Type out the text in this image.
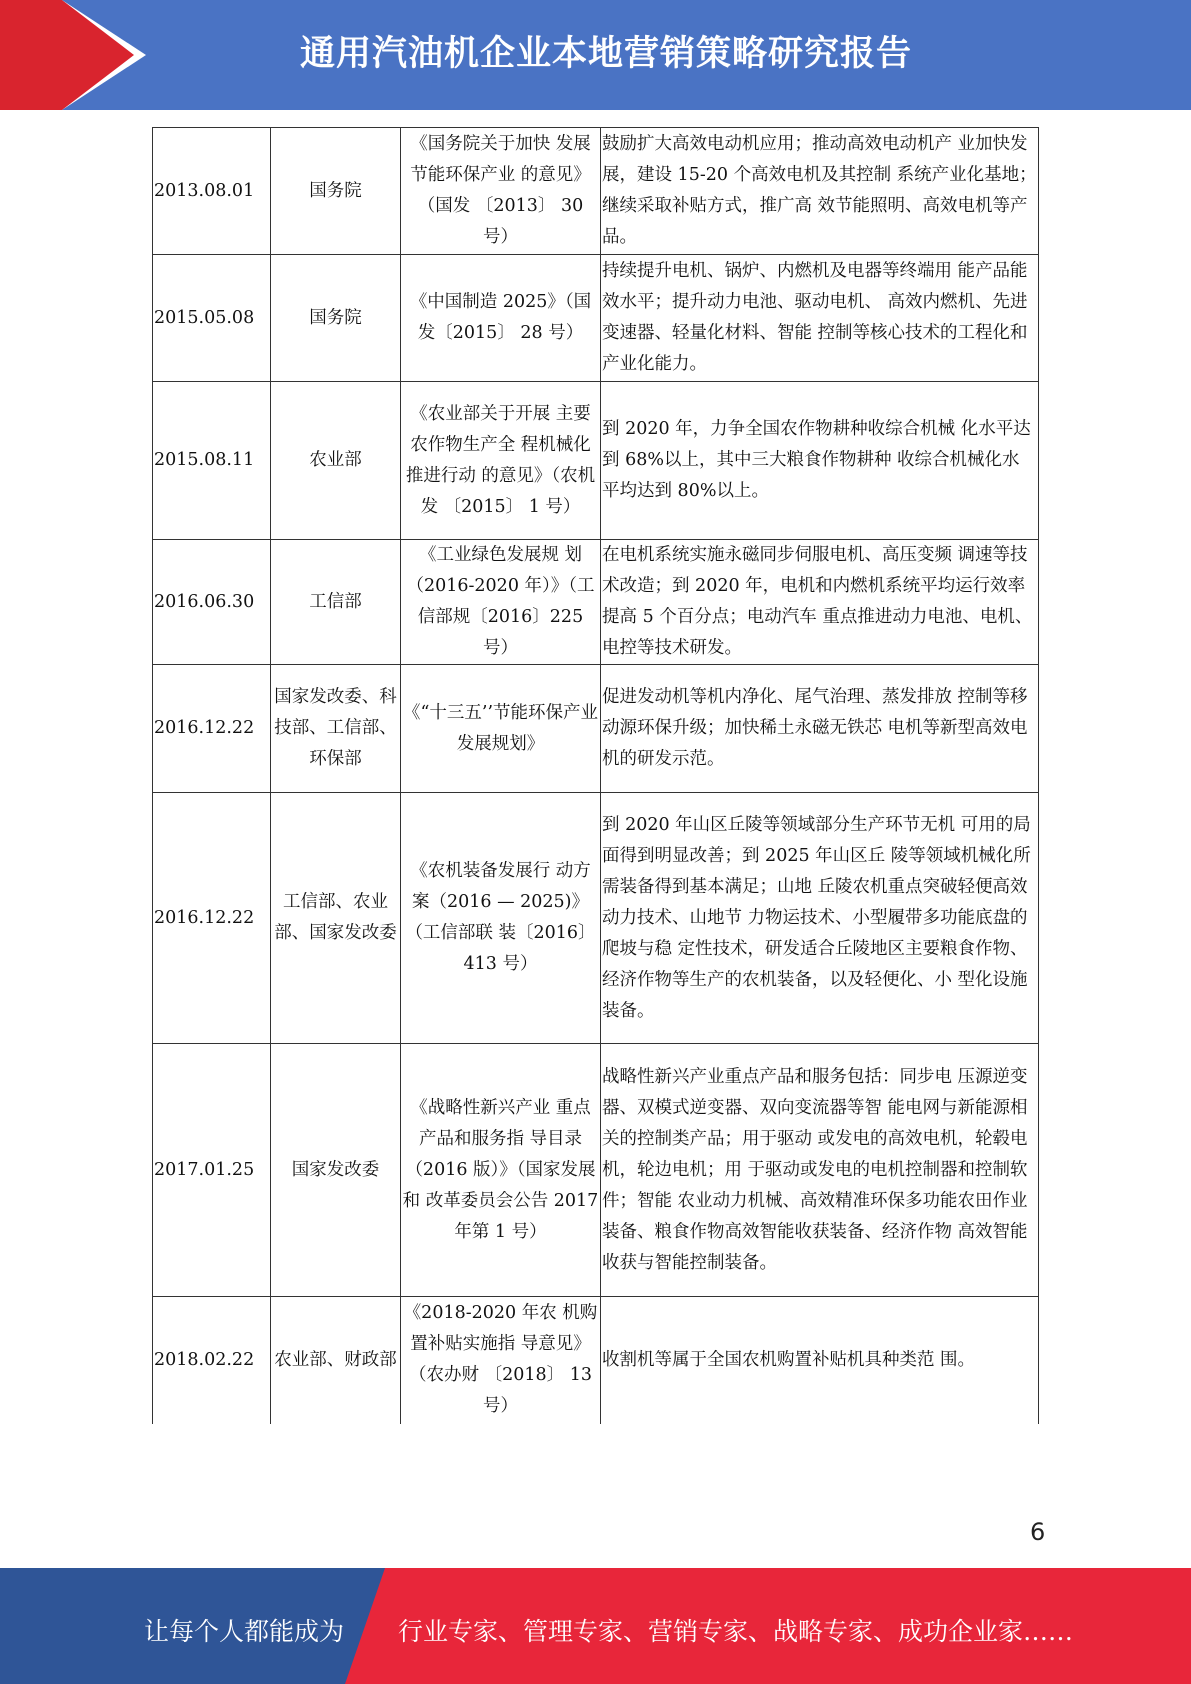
通用汽油机企业本地营销策略研究报告
2013.08.01	国务院	《国务院关于加快 发展节能环保产业 的意见》（国发 〔2013〕 30 号）	鼓励扩大高效电动机应用；推动高效电动机产 业加快发展，建设 15-20 个高效电机及其控制 系统产业化基地；继续采取补贴方式，推广高 效节能照明、高效电机等产品。
2015.05.08	国务院	《中国制造 2025》（国发〔2015〕 28 号）	持续提升电机、锅炉、内燃机及电器等终端用 能产品能效水平；提升动力电池、驱动电机、 高效内燃机、先进变速器、轻量化材料、智能 控制等核心技术的工程化和产业化能力。
2015.08.11	农业部	《农业部关于开展 主要农作物生产全 程机械化推进行动 的意见》（农机发 〔2015〕 1 号）	到 2020 年，力争全国农作物耕种收综合机械 化水平达到 68%以上，其中三大粮食作物耕种 收综合机械化水平均达到 80%以上。
2016.06.30	工信部	《工业绿色发展规 划（2016-2020 年）》（工信部规〔2016〕225 号）	在电机系统实施永磁同步伺服电机、高压变频 调速等技术改造；到 2020 年，电机和内燃机系统平均运行效率提高 5 个百分点；电动汽车 重点推进动力电池、电机、电控等技术研发。
2016.12.22	国家发改委、科技部、工信部、环保部	《“十三五’’节能环保产业发展规划》	促进发动机等机内净化、尾气治理、蒸发排放 控制等移动源环保升级；加快稀土永磁无铁芯 电机等新型高效电机的研发示范。
2016.12.22	工信部、农业部、国家发改委	《农机装备发展行 动方案（2016 — 2025)》（工信部联 装〔2016〕413 号）	到 2020 年山区丘陵等领域部分生产环节无机 可用的局面得到明显改善；到 2025 年山区丘 陵等领域机械化所需装备得到基本满足；山地 丘陵农机重点突破轻便高效动力技术、山地节 力物运技术、小型履带多功能底盘的爬坡与稳 定性技术，研发适合丘陵地区主要粮食作物、 经济作物等生产的农机装备，以及轻便化、小 型化设施装备。
2017.01.25	国家发改委	《战略性新兴产业 重点产品和服务指 导目录（2016 版）》（国家发展和 改革委员会公告 2017 年第 1 号）	战略性新兴产业重点产品和服务包括：同步电 压源逆变器、双模式逆变器、双向变流器等智 能电网与新能源相关的控制类产品；用于驱动 或发电的高效电机，轮毂电机，轮边电机；用 于驱动或发电的电机控制器和控制软件；智能 农业动力机械、高效精准环保多功能农田作业 装备、粮食作物高效智能收获装备、经济作物 高效智能收获与智能控制装备。
2018.02.22	农业部、财政部	《2018-2020 年农 机购置补贴实施指 导意见》（农办财 〔2018〕 13 号）	收割机等属于全国农机购置补贴机具种类范 围。
6
让每个人都能成为 行业专家、管理专家、营销专家、战略专家、成功企业家……
